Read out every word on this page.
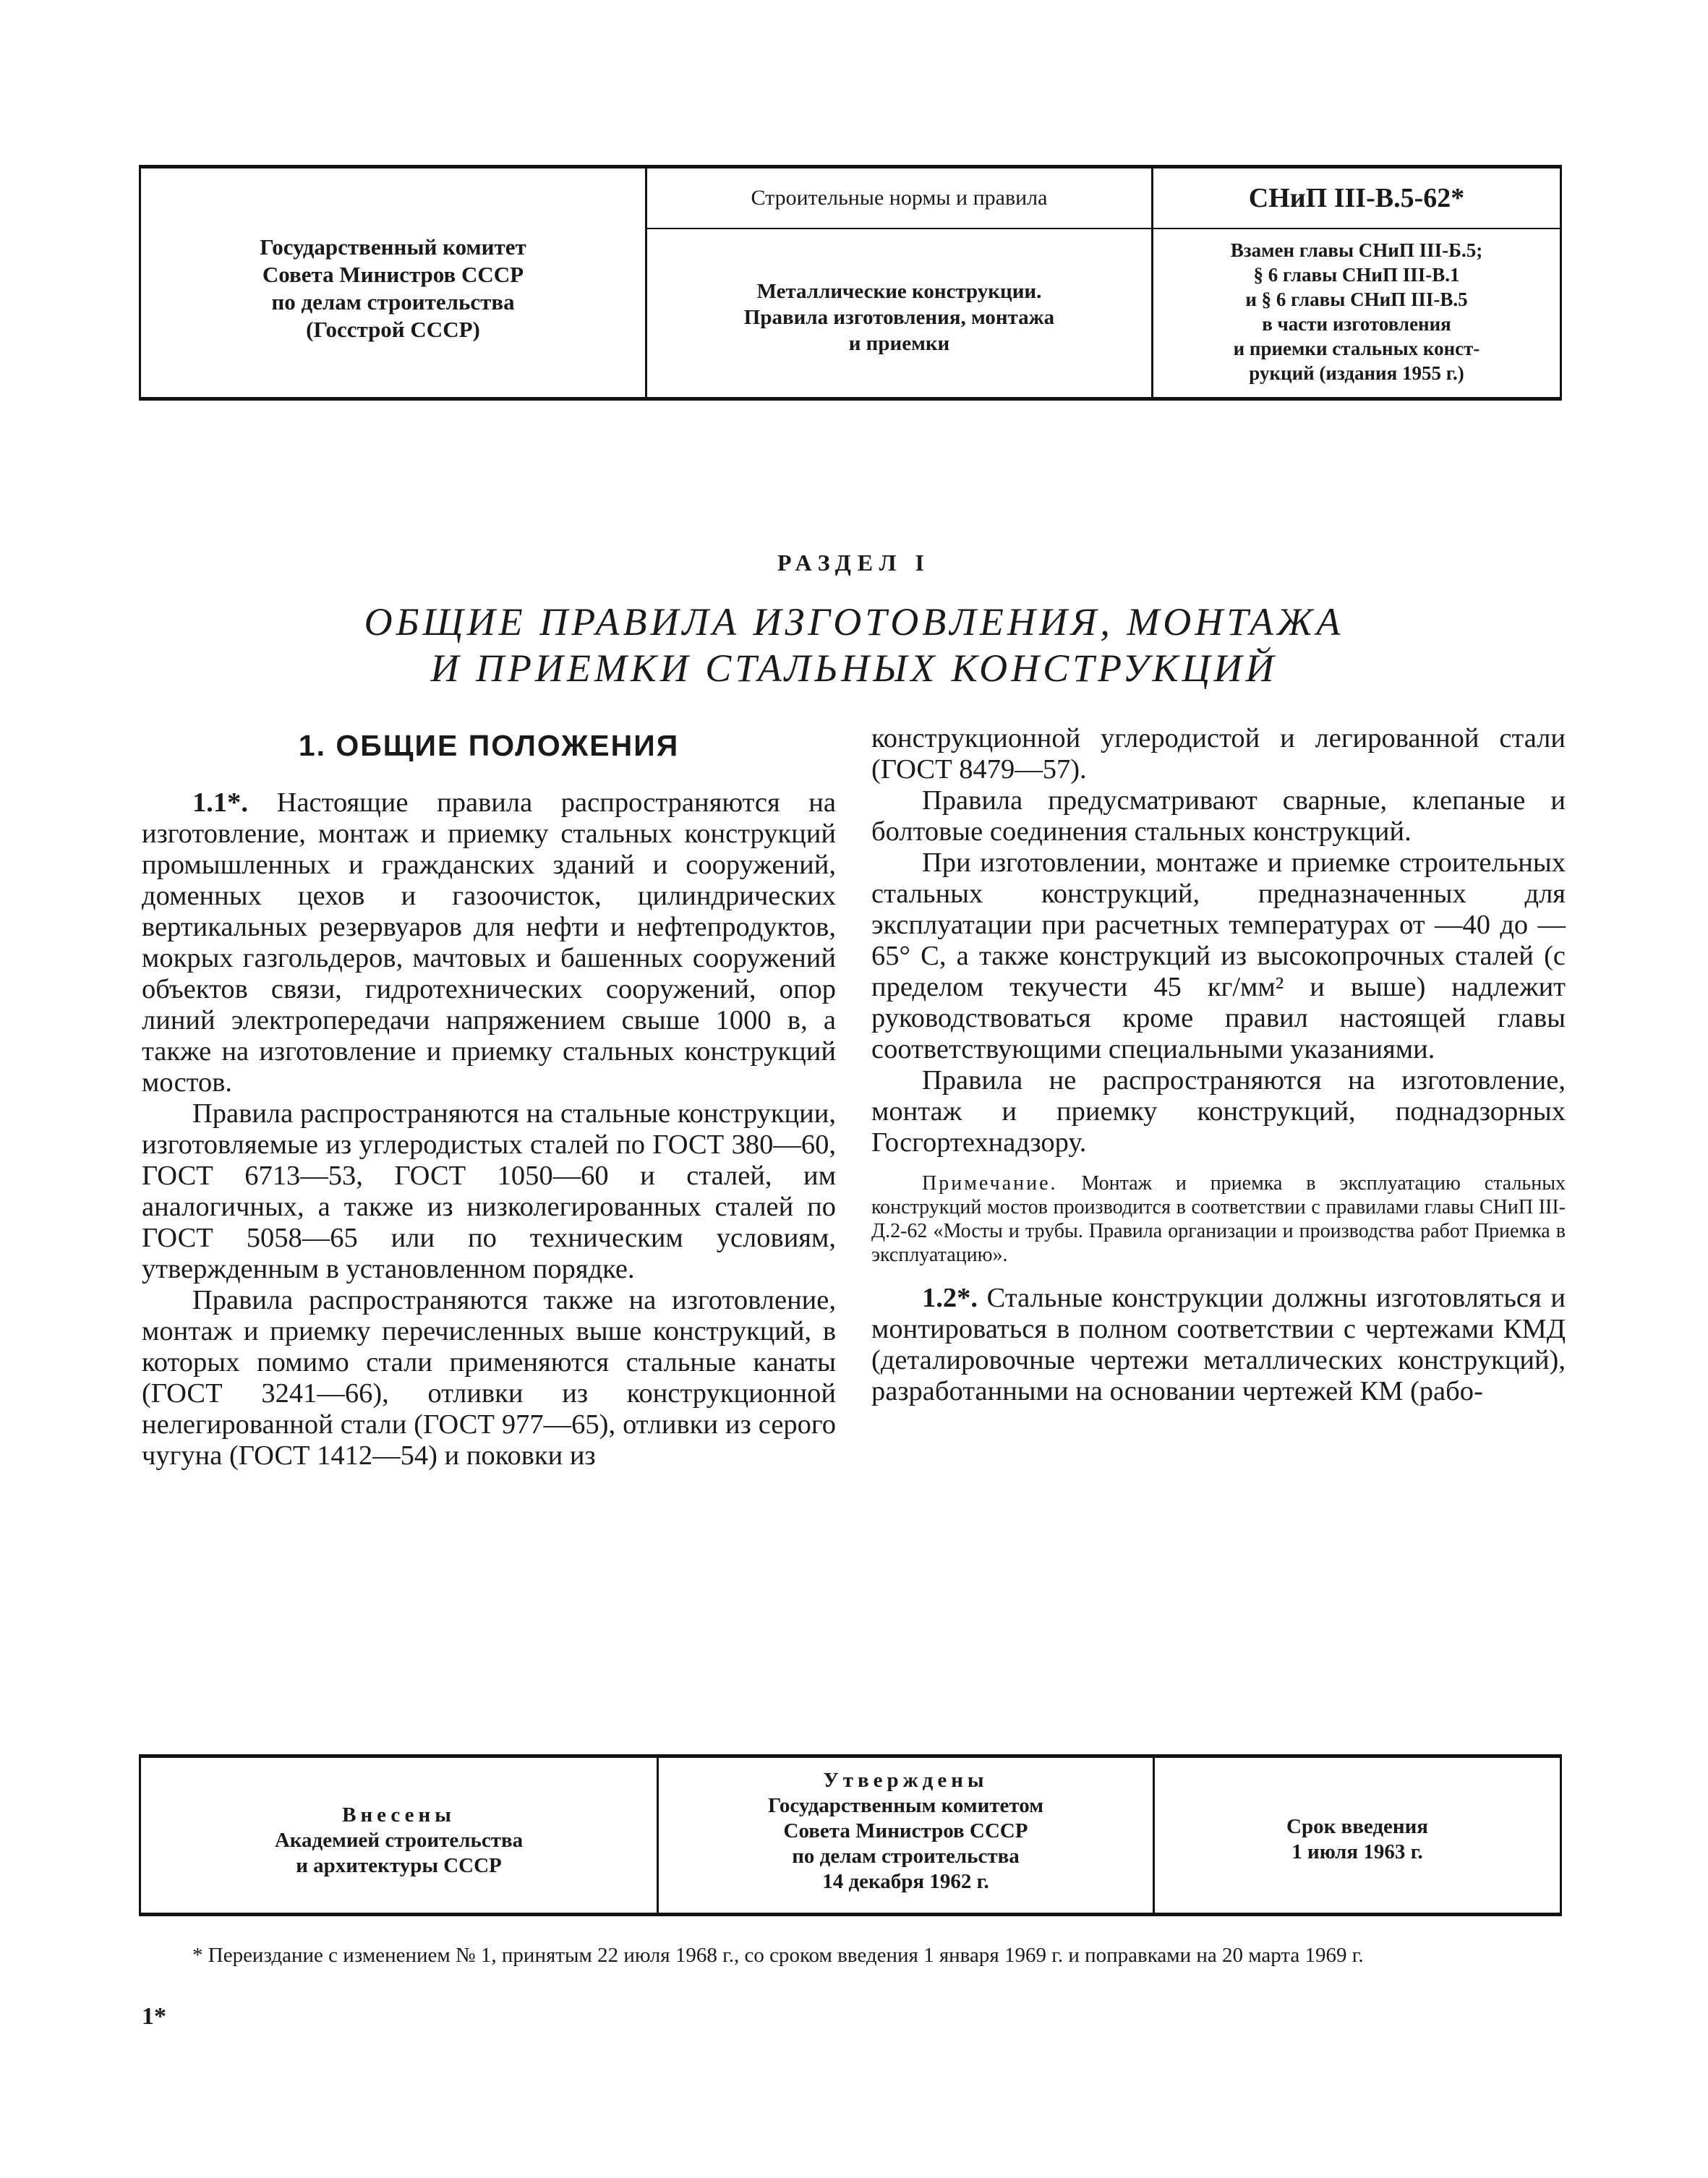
Государственный комитет
Совета Министров СССР
по делам строительства
(Госстрой СССР)
Строительные нормы и правила
Металлические конструкции.
Правила изготовления, монтажа
и приемки
СНиП III-В.5-62*
Взамен главы СНиП III-Б.5;
§ 6 главы СНиП III-В.1
и § 6 главы СНиП III-В.5
в части изготовления
и приемки стальных конст-
рукций (издания 1955 г.)
РАЗДЕЛ I
ОБЩИЕ ПРАВИЛА ИЗГОТОВЛЕНИЯ, МОНТАЖА
И ПРИЕМКИ СТАЛЬНЫХ КОНСТРУКЦИЙ
1. ОБЩИЕ ПОЛОЖЕНИЯ

1.1*. Настоящие правила распространяются на изготовление, монтаж и приемку стальных конструкций промышленных и гражданских зданий и сооружений, доменных цехов и газоочисток, цилиндрических вертикальных резервуаров для нефти и нефтепродуктов, мокрых газгольдеров, мачтовых и башенных сооружений объектов связи, гидротехнических сооружений, опор линий электропередачи напряжением свыше 1000 в, а также на изготовление и приемку стальных конструкций мостов.

Правила распространяются на стальные конструкции, изготовляемые из углеродистых сталей по ГОСТ 380—60, ГОСТ 6713—53, ГОСТ 1050—60 и сталей, им аналогичных, а также из низколегированных сталей по ГОСТ 5058—65 или по техническим условиям, утвержденным в установленном порядке.

Правила распространяются также на изготовление, монтаж и приемку перечисленных выше конструкций, в которых помимо стали применяются стальные канаты (ГОСТ 3241—66), отливки из конструкционной нелегированной стали (ГОСТ 977—65), отливки из серого чугуна (ГОСТ 1412—54) и поковки из

конструкционной углеродистой и легированной стали (ГОСТ 8479—57).

Правила предусматривают сварные, клепаные и болтовые соединения стальных конструкций.

При изготовлении, монтаже и приемке строительных стальных конструкций, предназначенных для эксплуатации при расчетных температурах от —40 до —65° С, а также конструкций из высокопрочных сталей (с пределом текучести 45 кг/мм² и выше) надлежит руководствоваться кроме правил настоящей главы соответствующими специальными указаниями.

Правила не распространяются на изготовление, монтаж и приемку конструкций, поднадзорных Госгортехнадзору.

Примечание. Монтаж и приемка в эксплуатацию стальных конструкций мостов производится в соответствии с правилами главы СНиП III-Д.2-62 «Мосты и трубы. Правила организации и производства работ Приемка в эксплуатацию».

1.2*. Стальные конструкции должны изготовляться и монтироваться в полном соответствии с чертежами КМД (деталировочные чертежи металлических конструкций), разработанными на основании чертежей КМ (рабо-

Внесены
Академией строительства
и архитектуры СССР
Утверждены
Государственным комитетом
Совета Министров СССР
по делам строительства
14 декабря 1962 г.
Срок введения
1 июля 1963 г.
* Переиздание с изменением № 1, принятым 22 июля 1968 г., со сроком введения 1 января 1969 г. и поправками на 20 марта 1969 г.
1*
